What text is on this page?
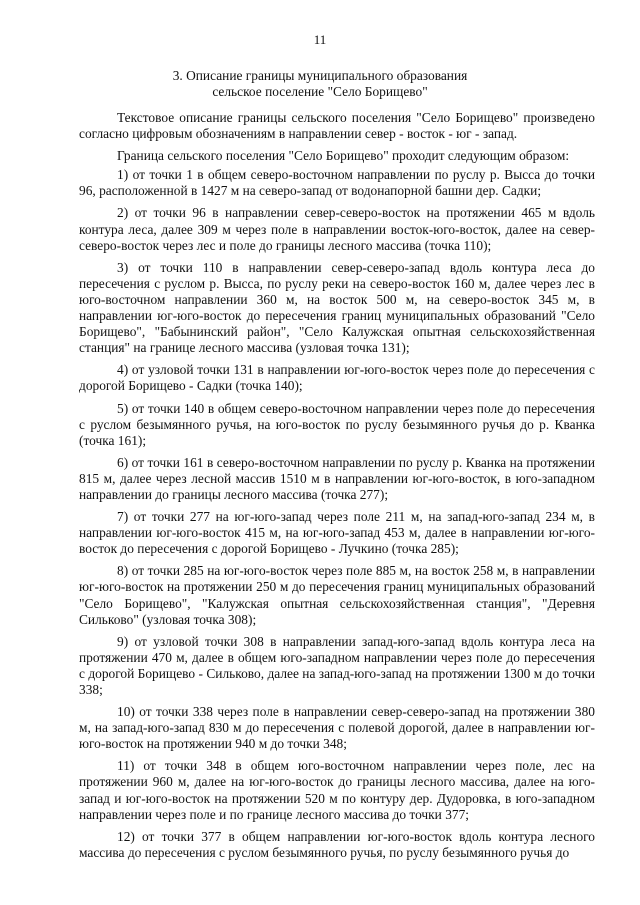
11
3. Описание границы муниципального образования
сельское поселение "Село Борищево"

Текстовое описание границы сельского поселения "Село Борищево" произведено согласно цифровым обозначениям в направлении север - восток - юг - запад.

Граница сельского поселения "Село Борищево" проходит следующим образом:

1) от точки 1 в общем северо-восточном направлении по руслу р. Высса до точки 96, расположенной в 1427 м на северо-запад от водонапорной башни дер. Садки;

2) от точки 96 в направлении север-северо-восток на протяжении 465 м вдоль контура леса, далее 309 м через поле в направлении восток-юго-восток, далее на север-северо-восток через лес и поле до границы лесного массива (точка 110);

3) от точки 110 в направлении север-северо-запад вдоль контура леса до пересечения с руслом р. Высса, по руслу реки на северо-восток 160 м, далее через лес в юго-восточном направлении 360 м, на восток 500 м, на северо-восток 345 м, в направлении юг-юго-восток до пересечения границ муниципальных образований "Село Борищево", "Бабынинский район", "Село Калужская опытная сельскохозяйственная станция" на границе лесного массива (узловая точка 131);

4) от узловой точки 131 в направлении юг-юго-восток через поле до пересечения с дорогой Борищево - Садки (точка 140);

5) от точки 140 в общем северо-восточном направлении через поле до пересечения с руслом безымянного ручья, на юго-восток по руслу безымянного ручья до р. Кванка (точка 161);

6) от точки 161 в северо-восточном направлении по руслу р. Кванка на протяжении 815 м, далее через лесной массив 1510 м в направлении юг-юго-восток, в юго-западном направлении до границы лесного массива (точка 277);

7) от точки 277 на юг-юго-запад через поле 211 м, на запад-юго-запад 234 м, в направлении юг-юго-восток 415 м, на юг-юго-запад 453 м, далее в направлении юг-юго-восток до пересечения с дорогой Борищево - Лучкино (точка 285);

8) от точки 285 на юг-юго-восток через поле 885 м, на восток 258 м, в направлении юг-юго-восток на протяжении 250 м до пересечения границ муниципальных образований "Село Борищево", "Калужская опытная сельскохозяйственная станция", "Деревня Сильково" (узловая точка 308);

9) от узловой точки 308 в направлении запад-юго-запад вдоль контура леса на протяжении 470 м, далее в общем юго-западном направлении через поле до пересечения с дорогой Борищево - Сильково, далее на запад-юго-запад на протяжении 1300 м до точки 338;

10) от точки 338 через поле в направлении север-северо-запад на протяжении 380 м, на запад-юго-запад 830 м до пересечения с полевой дорогой, далее в направлении юг-юго-восток на протяжении 940 м до точки 348;

11) от точки 348 в общем юго-восточном направлении через поле, лес на протяжении 960 м, далее на юг-юго-восток до границы лесного массива, далее на юго-запад и юг-юго-восток на протяжении 520 м по контуру дер. Дудоровка, в юго-западном направлении через поле и по границе лесного массива до точки 377;

12) от точки 377 в общем направлении юг-юго-восток вдоль контура лесного массива до пересечения с руслом безымянного ручья, по руслу безымянного ручья до
